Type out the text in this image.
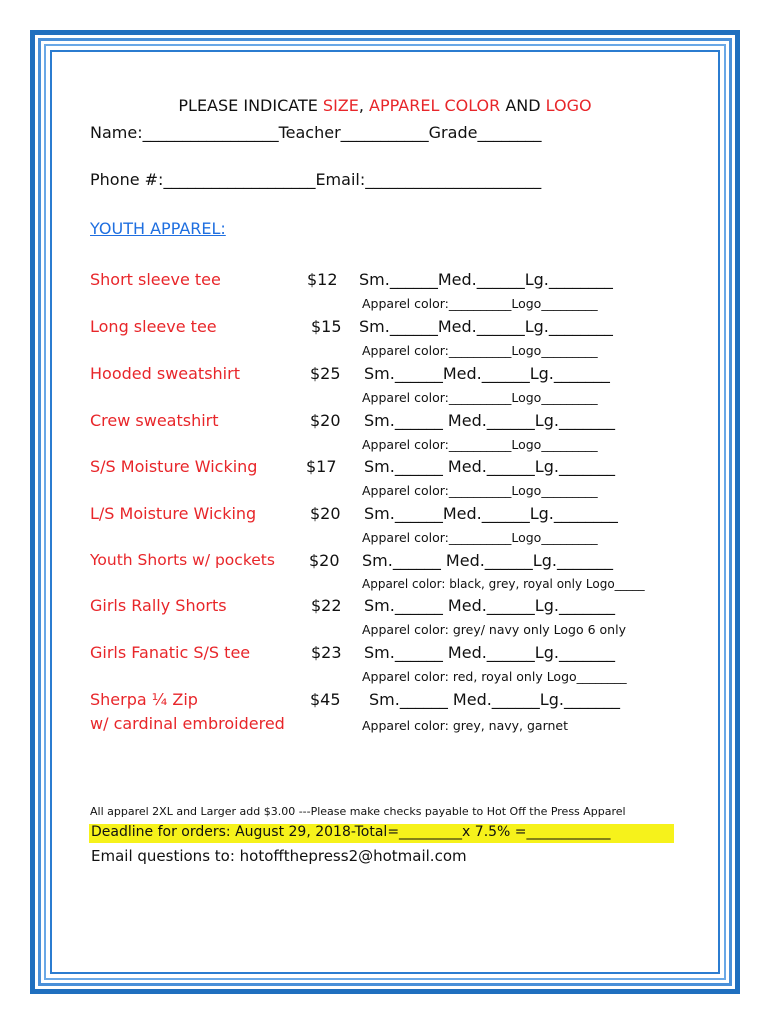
PLEASE INDICATE SIZE, APPAREL COLOR AND LOGO
Name:_________________Teacher___________Grade________
Phone #:___________________Email:______________________
YOUTH APPAREL:
Short sleeve tee	$12 Sm.______Med.______Lg.________
Apparel color:__________Logo_________
Long sleeve tee	$15 Sm.______Med.______Lg.________
Apparel color:__________Logo_________
Hooded sweatshirt	$25 Sm.______Med.______Lg._______
Apparel color:__________Logo_________
Crew sweatshirt	$20 Sm.______ Med.______Lg._______
Apparel color:__________Logo_________
S/S Moisture Wicking	$17 Sm.______ Med.______Lg._______
Apparel color:__________Logo_________
L/S Moisture Wicking	$20 Sm.______Med.______Lg.________
Apparel color:__________Logo_________
Youth Shorts w/ pockets $20 Sm.______ Med.______Lg._______
Apparel color: black, grey, royal only Logo_____
Girls Rally Shorts	$22 Sm.______ Med.______Lg._______
Apparel color: grey/ navy only Logo 6 only
Girls Fanatic S/S tee	$23 Sm.______ Med.______Lg._______
Apparel color: red, royal only Logo________
Sherpa ¼ Zip
w/ cardinal embroidered
$45 Sm.______ Med.______Lg._______
Apparel color: grey, navy, garnet
All apparel 2XL and Larger add $3.00 ---Please make checks payable to Hot Off the Press Apparel
Deadline for orders: August 29, 2018-Total=_________x 7.5% =____________
Email questions to: hotoffthepress2@hotmail.com
